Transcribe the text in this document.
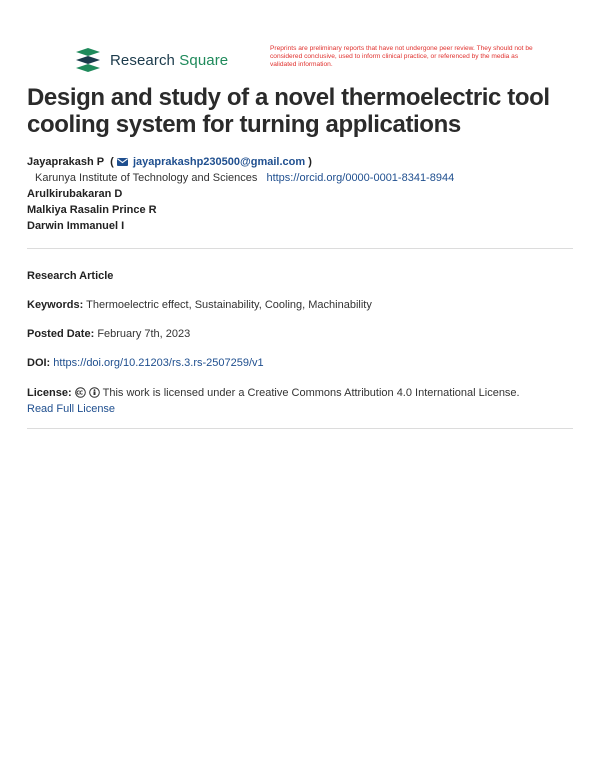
Research Square
Preprints are preliminary reports that have not undergone peer review. They should not be considered conclusive, used to inform clinical practice, or referenced by the media as validated information.
Design and study of a novel thermoelectric tool cooling system for turning applications
Jayaprakash P  ( jayaprakashp230500@gmail.com )
Karunya Institute of Technology and Sciences https://orcid.org/0000-0001-8341-8944
Arulkirubakaran D
Malkiya Rasalin Prince R
Darwin Immanuel I
Research Article
Keywords: Thermoelectric effect, Sustainability, Cooling, Machinability
Posted Date: February 7th, 2023
DOI: https://doi.org/10.21203/rs.3.rs-2507259/v1
License:	This work is licensed under a Creative Commons Attribution 4.0 International License.
Read Full License
